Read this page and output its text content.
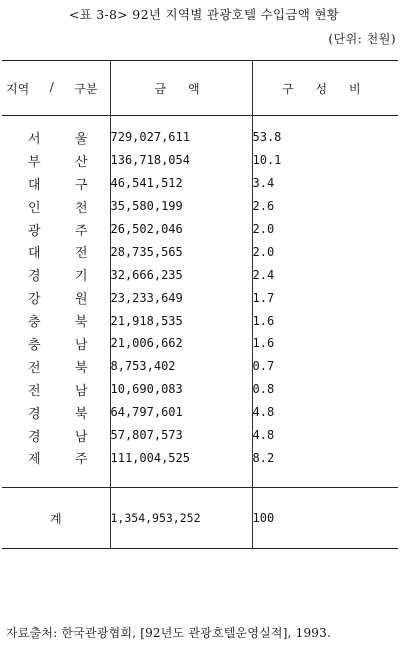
<표 3-8> 92년 지역별 관광호텔 수입금액 현황
(단위: 천원)
지역 / 구분	금액	구성비

서 울	729,027,611	53.8

부 산	136,718,054	10.1

대 구	46,541,512	3.4

인 천	35,580,199	2.6

광 주	26,502,046	2.0

대 전	28,735,565	2.0

경 기	32,666,235	2.4

강 원	23,233,649	1.7

충 북	21,918,535	1.6

충 남	21,006,662	1.6

전 북	8,753,402	0.7

전 남	10,690,083	0.8

경 북	64,797,601	4.8

경 남	57,807,573	4.8

제 주	111,004,525	8.2

계	1,354,953,252	100
자료출처: 한국관광협회, [92년도 관광호텔운영실적], 1993.
